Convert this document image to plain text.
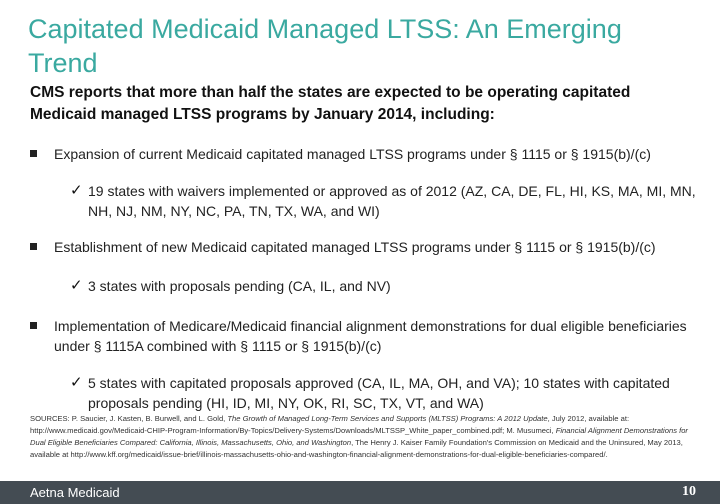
Capitated Medicaid Managed LTSS: An Emerging Trend
CMS reports that more than half the states are expected to be operating capitated Medicaid managed LTSS programs by January 2014, including:
Expansion of current Medicaid capitated managed LTSS programs under § 1115 or § 1915(b)/(c)
✓ 19 states with waivers implemented or approved as of 2012 (AZ, CA, DE, FL, HI, KS, MA, MI, MN, NH, NJ, NM, NY, NC, PA, TN, TX, WA, and WI)
Establishment of new Medicaid capitated managed LTSS programs under § 1115 or § 1915(b)/(c)
✓ 3 states with proposals pending (CA, IL, and NV)
Implementation of Medicare/Medicaid financial alignment demonstrations for dual eligible beneficiaries under § 1115A combined with § 1115 or § 1915(b)/(c)
✓ 5 states with capitated proposals approved (CA, IL, MA, OH, and VA); 10 states with capitated proposals pending (HI, ID, MI, NY, OK, RI, SC, TX, VT, and WA)
SOURCES: P. Saucier, J. Kasten, B. Burwell, and L. Gold, The Growth of Managed Long-Term Services and Supports (MLTSS) Programs: A 2012 Update, July 2012, available at: http://www.medicaid.gov/Medicaid-CHIP-Program-Information/By-Topics/Delivery-Systems/Downloads/MLTSSP_White_paper_combined.pdf; M. Musumeci, Financial Alignment Demonstrations for Dual Eligible Beneficiaries Compared: California, Illinois, Massachusetts, Ohio, and Washington, The Henry J. Kaiser Family Foundation's Commission on Medicaid and the Uninsured, May 2013, available at http://www.kff.org/medicaid/issue-brief/illinois-massachusetts-ohio-and-washington-financial-alignment-demonstrations-for-dual-eligible-beneficiaries-compared/.
Aetna Medicaid	10
